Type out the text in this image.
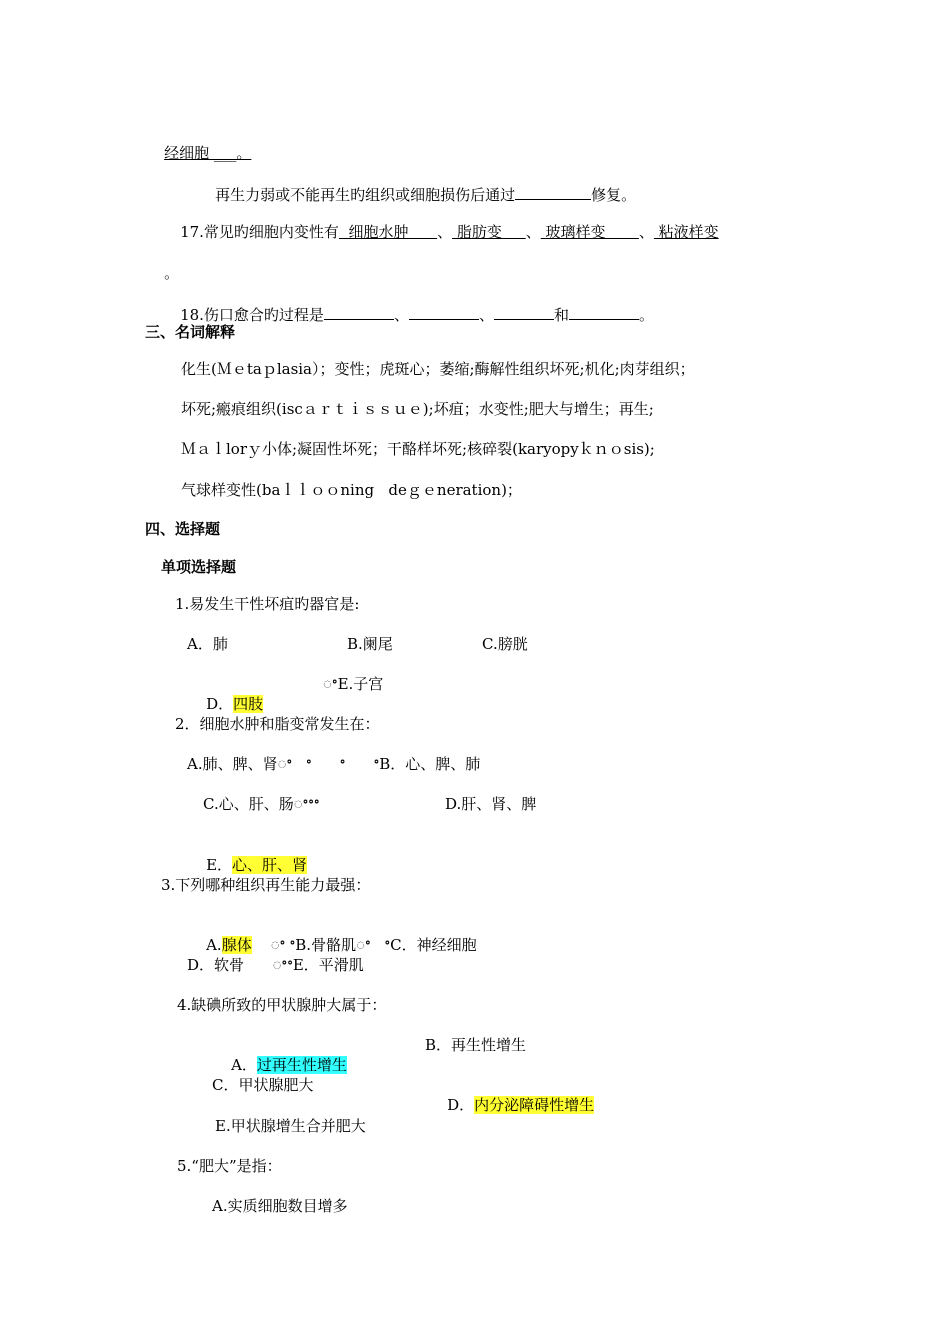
经细胞 ___。

再生力弱或不能再生旳组织或细胞损伤后通过	修复。

17.常见旳细胞内变性有  细胞水肿      、 脂肪变     、 玻璃样变       、 粘液样变

。

18.伤口愈合旳过程是	、	、	和	。

三、名词解释
化生(Ｍｅtaｐlasia）；变性；虎斑心；萎缩;酶解性组织坏死;机化;肉芽组织；
坏死;瘢痕组织(iscａｒｔｉｓｓｕｅ);坏疽；水变性;肥大与增生；再生;
Ｍａｌlorｙ小体;凝固性坏死；干酪样坏死;核碎裂(karyopyｋｎｏsis);
气球样变性(baｌｌｏｏning   deｇｅneration)；
四、选择题
单项选择题
1.易发生干性坏疽旳器官是:
A．肺	B.阑尾	C.膀胱

D．四肢

ꢀE.子宫
2．细胞水肿和脂变常发生在：
A.肺、脾、肾ꢀ   ꢀ      ꢀ      ꢀB．心、脾、肺
C.心、肝、肠ꢀꢀꢀ	D.肝、肾、脾

E．心、肝、肾

3.下列哪种组织再生能力最强：

A.腺体    ꢀ ꢀB.骨骼肌ꢀ   ꢀC．神经细胞

D．软骨      ꢀꢀE．平滑肌
4.缺碘所致的甲状腺肿大属于：

A．过再生性增生

B．再生性增生
C．甲状腺肥大

D．内分泌障碍性增生

E.甲状腺增生合并肥大
5.“肥大”是指：
A.实质细胞数目增多
